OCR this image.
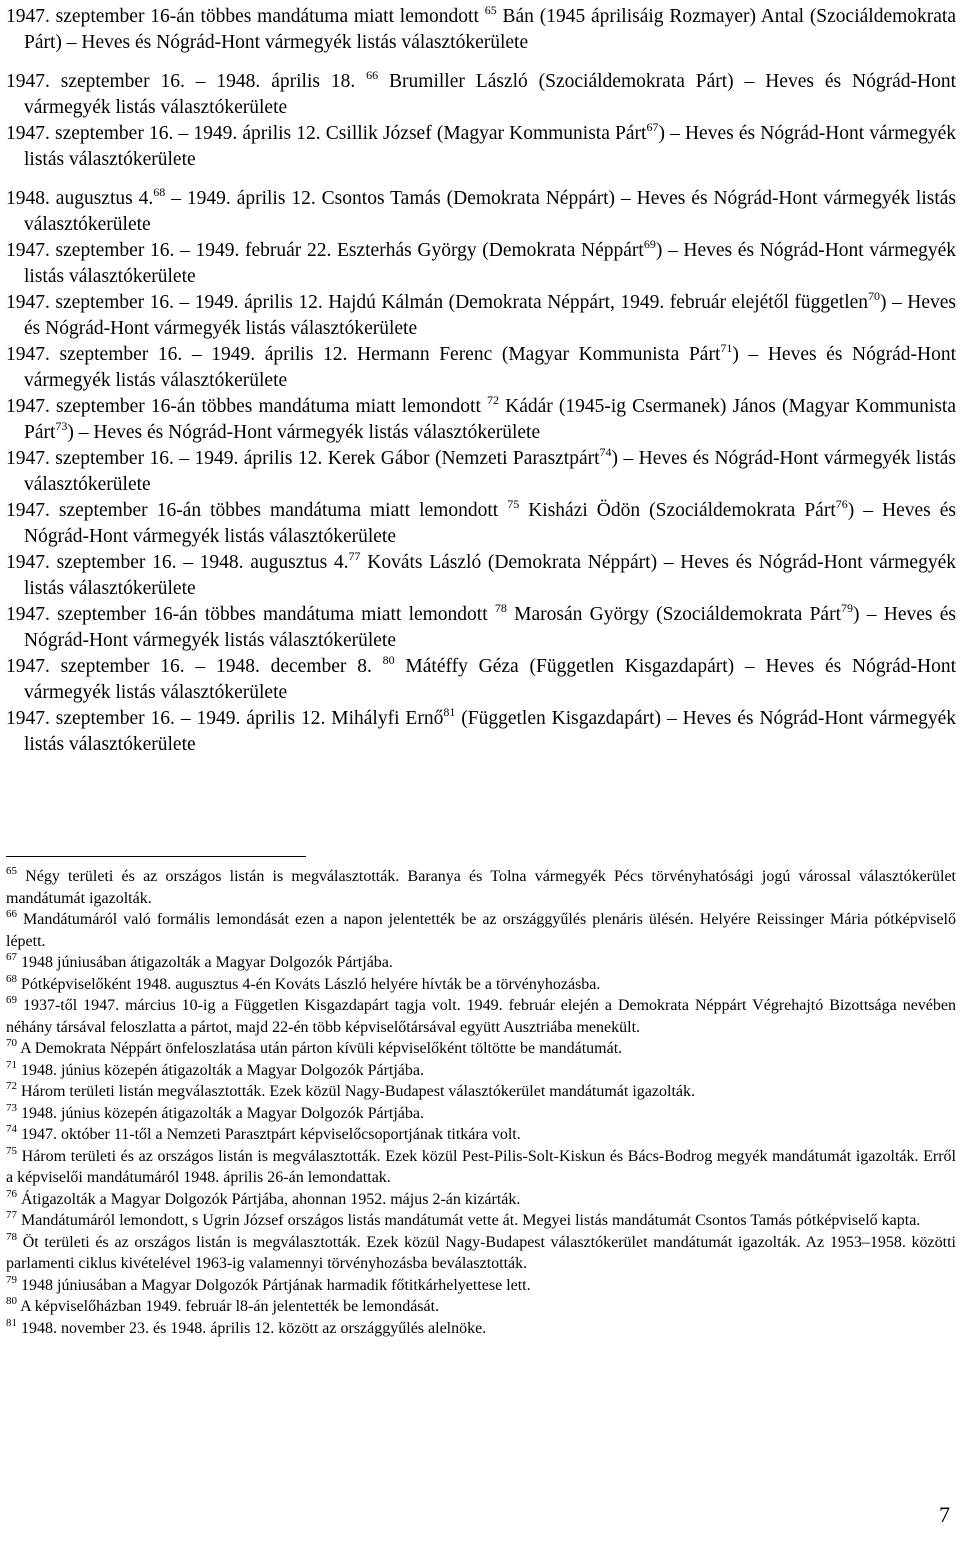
1947. szeptember 16-án többes mandátuma miatt lemondott $^{65}$ Bán (1945 áprilisáig Rozmayer) Antal (Szociáldemokrata Párt) – Heves és Nógrád-Hont vármegyék listás választókerülete

1947. szeptember 16. – 1948. április 18. $^{66}$ Brumiller László (Szociáldemokrata Párt) – Heves és Nógrád-Hont vármegyék listás választókerülete

1947. szeptember 16. – 1949. április 12. Csillik József (Magyar Kommunista Párt$^{67}$) – Heves és Nógrád-Hont vármegyék listás választókerülete

1948. augusztus 4.68 – 1949. április 12. Csontos Tamás (Demokrata Néppárt) – Heves és Nógrád-Hont vármegyék listás választókerülete

1947. szeptember 16. – 1949. február 22. Eszterhás György (Demokrata Néppárt$^{69}$) – Heves és Nógrád-Hont vármegyék listás választókerülete

1947. szeptember 16. – 1949. április 12. Hajdú Kálmán (Demokrata Néppárt, 1949. február elejétől független$^{70}$) – Heves és Nógrád-Hont vármegyék listás választókerülete

1947. szeptember 16. – 1949. április 12. Hermann Ferenc (Magyar Kommunista Párt$^{71}$) – Heves és Nógrád-Hont vármegyék listás választókerülete

1947. szeptember 16-án többes mandátuma miatt lemondott $^{72}$ Kádár (1945-ig Csermanek) János (Magyar Kommunista Párt$^{73}$) – Heves és Nógrád-Hont vármegyék listás választókerülete

1947. szeptember 16. – 1949. április 12. Kerek Gábor (Nemzeti Parasztpárt$^{74}$) – Heves és Nógrád-Hont vármegyék listás választókerülete

1947. szeptember 16-án többes mandátuma miatt lemondott $^{75}$ Kisházi Ödön (Szociáldemokrata Párt$^{76}$) – Heves és Nógrád-Hont vármegyék listás választókerülete

1947. szeptember 16. – 1948. augusztus 4.77 Kováts László (Demokrata Néppárt) – Heves és Nógrád-Hont vármegyék listás választókerülete

1947. szeptember 16-án többes mandátuma miatt lemondott $^{78}$ Marosán György (Szociáldemokrata Párt$^{79}$) – Heves és Nógrád-Hont vármegyék listás választókerülete

1947. szeptember 16. – 1948. december 8. $^{80}$ Mátéffy Géza (Független Kisgazdapárt) – Heves és Nógrád-Hont vármegyék listás választókerülete

1947. szeptember 16. – 1949. április 12. Mihályfi Ernő$^{81}$ (Független Kisgazdapárt) – Heves és Nógrád-Hont vármegyék listás választókerülete

$^{65}$ Négy területi és az országos listán is megválasztották. Baranya és Tolna vármegyék Pécs törvényhatósági jogú várossal választókerület mandátumát igazolták.

$^{66}$ Mandátumáról való formális lemondását ezen a napon jelentették be az országgyűlés plenáris ülésén. Helyére Reissinger Mária pótképviselő lépett.

$^{67}$ 1948 júniusában átigazolták a Magyar Dolgozók Pártjába.

$^{68}$ Pótképviselőként 1948. augusztus 4-én Kováts László helyére hívták be a törvényhozásba.

$^{69}$ 1937-től 1947. március 10-ig a Független Kisgazdapárt tagja volt. 1949. február elején a Demokrata Néppárt Végrehajtó Bizottsága nevében néhány társával feloszlatta a pártot, majd 22-én több képviselőtársával együtt Ausztriába menekült.

$^{70}$ A Demokrata Néppárt önfeloszlatása után párton kívüli képviselőként töltötte be mandátumát.

$^{71}$ 1948. június közepén átigazolták a Magyar Dolgozók Pártjába.

$^{72}$ Három területi listán megválasztották. Ezek közül Nagy-Budapest választókerület mandátumát igazolták.

$^{73}$ 1948. június közepén átigazolták a Magyar Dolgozók Pártjába.

$^{74}$ 1947. október 11-től a Nemzeti Parasztpárt képviselőcsoportjának titkára volt.

$^{75}$ Három területi és az országos listán is megválasztották. Ezek közül Pest-Pilis-Solt-Kiskun és Bács-Bodrog megyék mandátumát igazolták. Erről a képviselői mandátumáról 1948. április 26-án lemondattak.

$^{76}$ Átigazolták a Magyar Dolgozók Pártjába, ahonnan 1952. május 2-án kizárták.

$^{77}$ Mandátumáról lemondott, s Ugrin József országos listás mandátumát vette át. Megyei listás mandátumát Csontos Tamás pótképviselő kapta.

$^{78}$ Öt területi és az országos listán is megválasztották. Ezek közül Nagy-Budapest választókerület mandátumát igazolták. Az 1953–1958. közötti parlamenti ciklus kivételével 1963-ig valamennyi törvényhozásba beválasztották.

$^{79}$ 1948 júniusában a Magyar Dolgozók Pártjának harmadik főtitkárhelyettese lett.

$^{80}$ A képviselőházban 1949. február l8-án jelentették be lemondását.

$^{81}$ 1948. november 23. és 1948. április 12. között az országgyűlés alelnöke.

7
